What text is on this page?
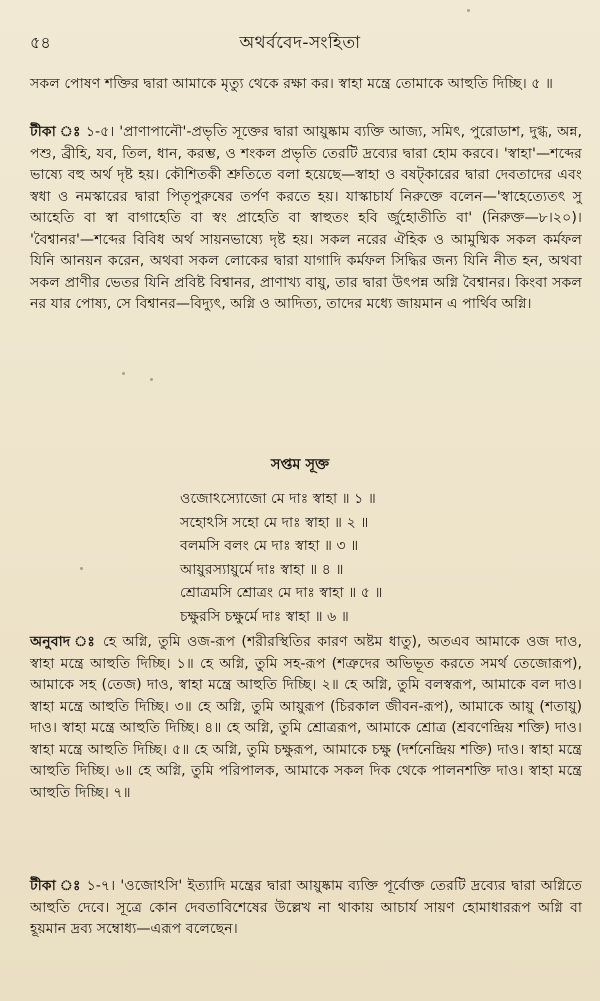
৫৪	অথর্ববেদ-সংহিতা
সকল পোষণ শক্তির দ্বারা আমাকে মৃত্যু থেকে রক্ষা কর। স্বাহা মন্ত্রে তোমাকে আহুতি দিচ্ছি। ৫ ॥
টীকা ঃ ১-৫। 'প্রাণাপানৌ'-প্রভৃতি সূক্তের দ্বারা আয়ুষ্কাম ব্যক্তি আজ্য, সমিৎ, পুরোডাশ, দুগ্ধ, অন্ন, পশু, ব্রীহি, যব, তিল, ধান, করম্ভ, ও শংকল প্রভৃতি তেরটি দ্রব্যের দ্বারা হোম করবে। 'স্বাহা'—শব্দের ভাষ্যে বহু অর্থ দৃষ্ট হয়। কৌশিতকী শ্রুতিতে বলা হয়েছে—স্বাহা ও বষট্‌কারের দ্বারা দেবতাদের এবং স্বধা ও নমস্কারের দ্বারা পিতৃপুরুষের তর্পণ করতে হয়। যাস্কাচার্য নিরুক্তে বলেন—'স্বাহেত্যেতৎ সু আহেতি বা স্বা বাগাহেতি বা স্বং প্রাহেতি বা স্বাহুতং হবি র্জুহোতীতি বা' (নিরুক্ত—৮।২০)। 'বৈশ্বানর'—শব্দের বিবিধ অর্থ সায়নভাষ্যে দৃষ্ট হয়। সকল নরের ঐহিক ও আমুষ্মিক সকল কর্মফল যিনি আনয়ন করেন, অথবা সকল লোকের দ্বারা যাগাদি কর্মফল সিদ্ধির জন্য যিনি নীত হন, অথবা সকল প্রাণীর ভেতর যিনি প্রবিষ্ট বিশ্বানর, প্রাণাখ্য বায়ু, তার দ্বারা উৎপন্ন অগ্নি বৈশ্বানর। কিংবা সকল নর যার পোষ্য, সে বিশ্বানর—বিদ্যুৎ, অগ্নি ও আদিত্য, তাদের মধ্যে জায়মান এ পার্থিব অগ্নি।
সপ্তম সূক্ত
ওজোঽস্যোজো মে দাঃ স্বাহা ॥ ১ ॥
সহোঽসি সহো মে দাঃ স্বাহা ॥ ২ ॥
বলমসি বলং মে দাঃ স্বাহা ॥ ৩ ॥
আয়ুরস্যায়ুর্মে দাঃ স্বাহা ॥ ৪ ॥
শ্রোত্রমসি শ্রোত্রং মে দাঃ স্বাহা ॥ ৫ ॥
চক্ষুরসি চক্ষুর্মে দাঃ স্বাহা ॥ ৬ ॥
অনুবাদ ঃ হে অগ্নি, তুমি ওজ-রূপ (শরীরস্থিতির কারণ অষ্টম ধাতু), অতএব আমাকে ওজ দাও, স্বাহা মন্ত্রে আহুতি দিচ্ছি। ১॥ হে অগ্নি, তুমি সহ-রূপ (শত্রুদের অভিভূত করতে সমর্থ তেজোরূপ), আমাকে সহ (তেজ) দাও, স্বাহা মন্ত্রে আহুতি দিচ্ছি। ২॥ হে অগ্নি, তুমি বলস্বরূপ, আমাকে বল দাও। স্বাহা মন্ত্রে আহুতি দিচ্ছি। ৩॥ হে অগ্নি, তুমি আয়ুরূপ (চিরকাল জীবন-রূপ), আমাকে আয়ু (শতায়ু) দাও। স্বাহা মন্ত্রে আহুতি দিচ্ছি। ৪॥ হে অগ্নি, তুমি শ্রোত্ররূপ, আমাকে শ্রোত্র (শ্রবণেন্দ্রিয় শক্তি) দাও। স্বাহা মন্ত্রে আহুতি দিচ্ছি। ৫॥ হে অগ্নি, তুমি চক্ষুরূপ, আমাকে চক্ষু (দর্শনেন্দ্রিয় শক্তি) দাও। স্বাহা মন্ত্রে আহুতি দিচ্ছি। ৬॥ হে অগ্নি, তুমি পরিপালক, আমাকে সকল দিক থেকে পালনশক্তি দাও। স্বাহা মন্ত্রে আহুতি দিচ্ছি। ৭॥
টীকা ঃ ১-৭। 'ওজোঽসি' ইত্যাদি মন্ত্রের দ্বারা আয়ুষ্কাম ব্যক্তি পূর্বোক্ত তেরটি দ্রব্যের দ্বারা অগ্নিতে আহুতি দেবে। সূত্রে কোন দেবতাবিশেষের উল্লেখ না থাকায় আচার্য সায়ণ হোমাধাররূপ অগ্নি বা হূয়মান দ্রব্য সম্বোধ্য—এরূপ বলেছেন।
